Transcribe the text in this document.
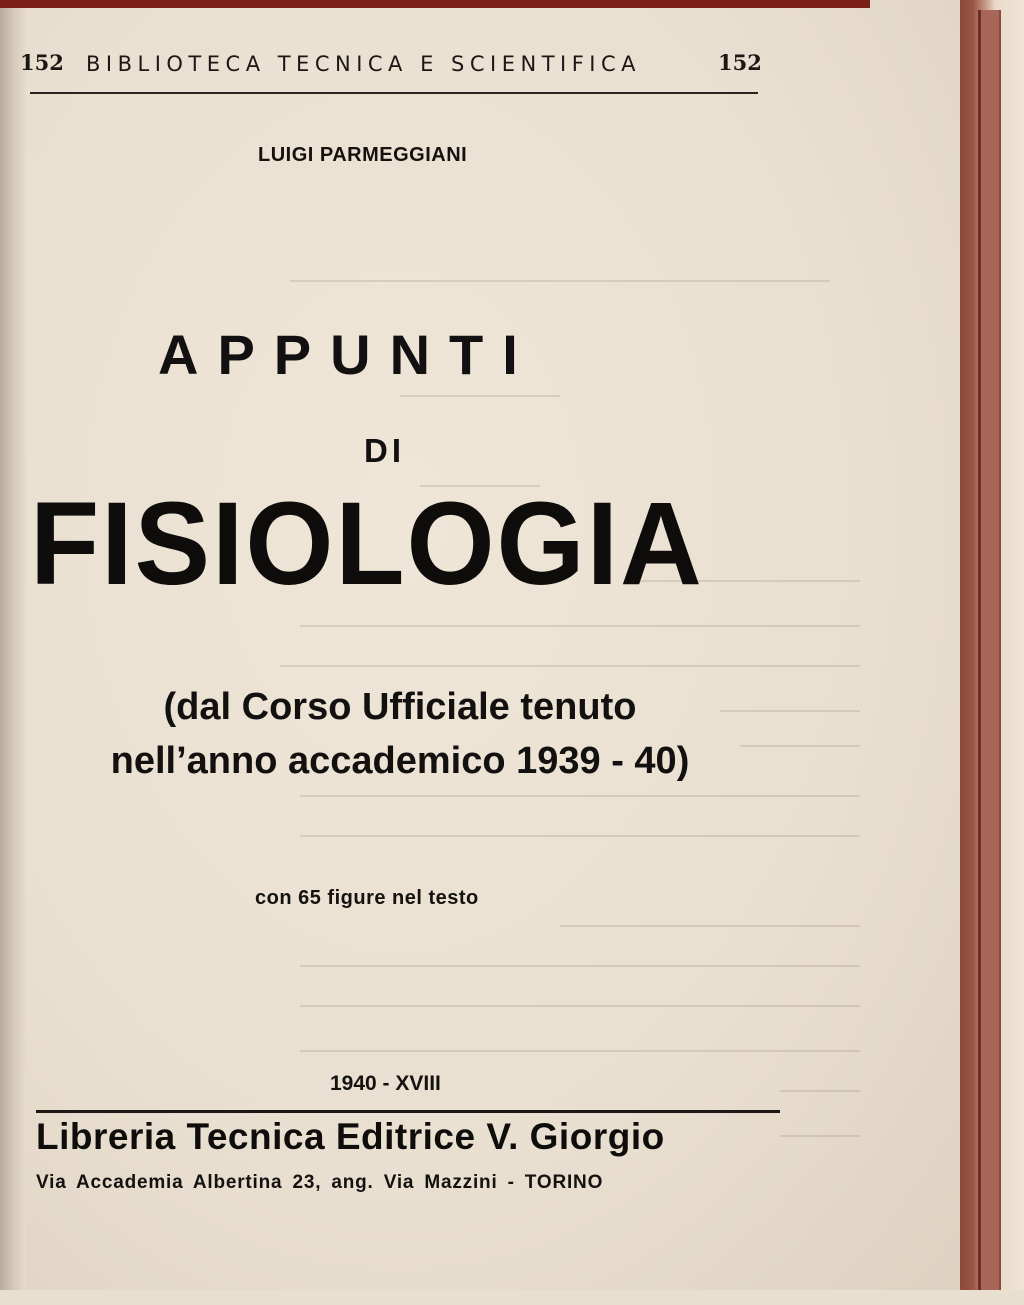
152 BIBLIOTECA TECNICA E SCIENTIFICA	152
LUIGI PARMEGGIANI
APPUNTI
DI
FISIOLOGIA
(dal Corso Ufficiale tenuto
nell’anno accademico 1939 - 40)
con 65 figure nel testo
1940 - XVIII
Libreria Tecnica Editrice V. Giorgio
Via Accademia Albertina 23, ang. Via Mazzini - TORINO
